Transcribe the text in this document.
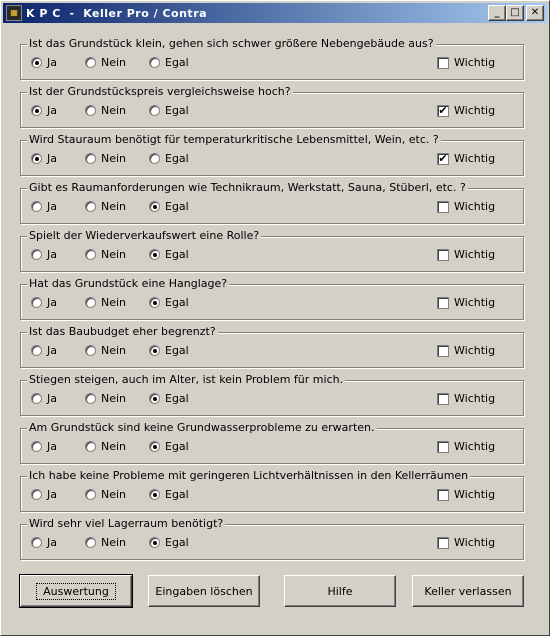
▦ K P C  -  Keller Pro / Contra	_	□	✕
Ist das Grundstück klein, gehen sich schwer größere Nebengebäude aus?
Ja	Nein	Egal	Wichtig
Ist der Grundstückspreis vergleichsweise hoch?
Ja	Nein	Egal	✔ Wichtig
Wird Stauraum benötigt für temperaturkritische Lebensmittel, Wein, etc. ?
Ja	Nein	Egal	✔ Wichtig
Gibt es Raumanforderungen wie Technikraum, Werkstatt, Sauna, Stüberl, etc. ?
Ja	Nein	Egal	Wichtig
Spielt der Wiederverkaufswert eine Rolle?
Ja	Nein	Egal	Wichtig
Hat das Grundstück eine Hanglage?
Ja	Nein	Egal	Wichtig
Ist das Baubudget eher begrenzt?
Ja	Nein	Egal	Wichtig
Stiegen steigen, auch im Alter, ist kein Problem für mich.
Ja	Nein	Egal	Wichtig
Am Grundstück sind keine Grundwasserprobleme zu erwarten.
Ja	Nein	Egal	Wichtig
Ich habe keine Probleme mit geringeren Lichtverhältnissen in den Kellerräumen
Ja	Nein	Egal	Wichtig
Wird sehr viel Lagerraum benötigt?
Ja	Nein	Egal	Wichtig
Auswertung	Eingaben löschen	Hilfe	Keller verlassen
